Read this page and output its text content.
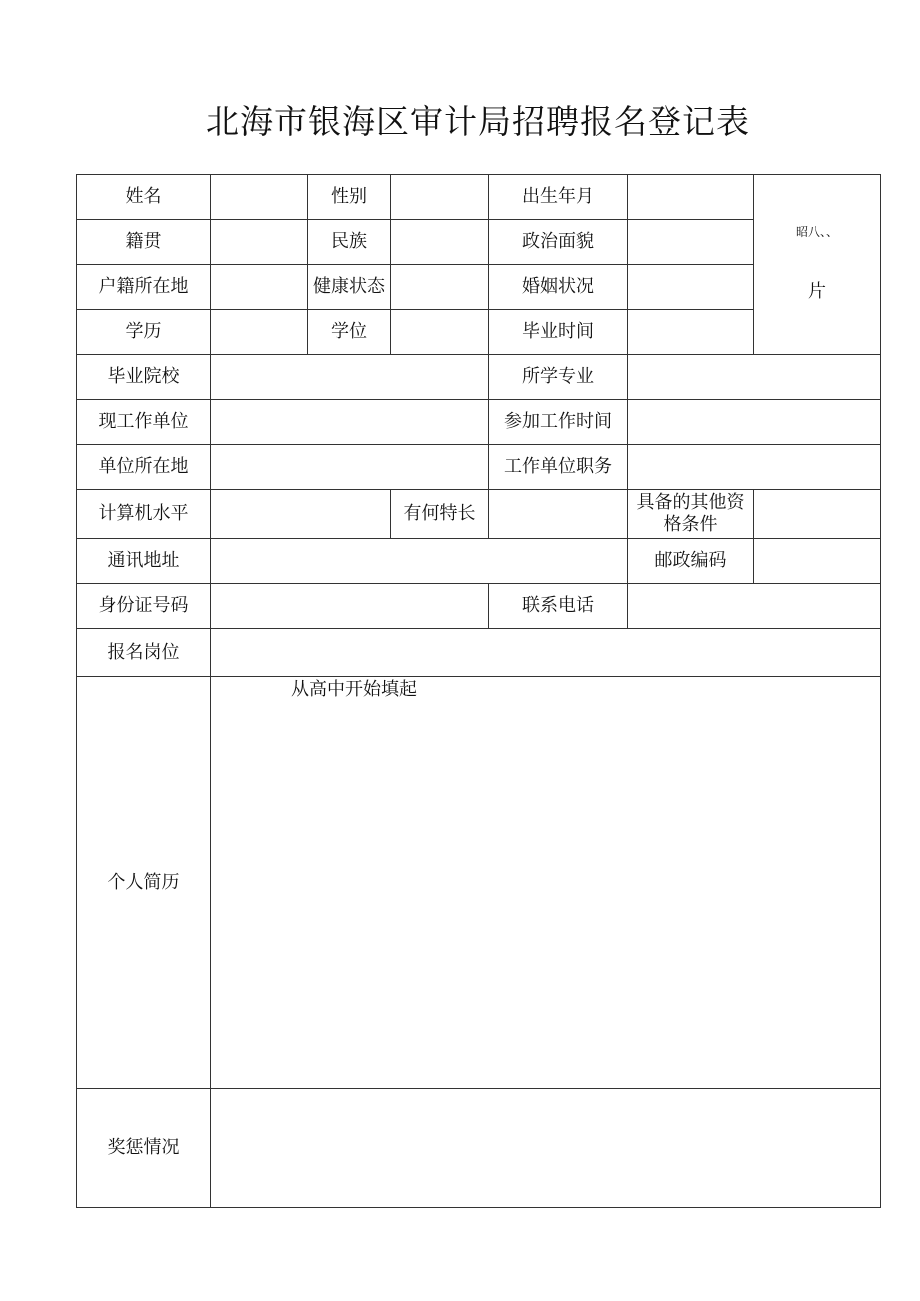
北海市银海区审计局招聘报名登记表
姓名		性别		出生年月		昭八、、
片

籍贯		民族		政治面貌		
户籍所在地		健康状态		婚姻状况		
学历		学位		毕业时间		
毕业院校				所学专业		
现工作单位				参加工作时间		
单位所在地				工作单位职务		
计算机水平			有何特长		具备的其他资格条件	
通讯地址					邮政编码	
身份证号码				联系电话		
报名岗位						
个人简历	从高中开始填起					

奖惩情况						
